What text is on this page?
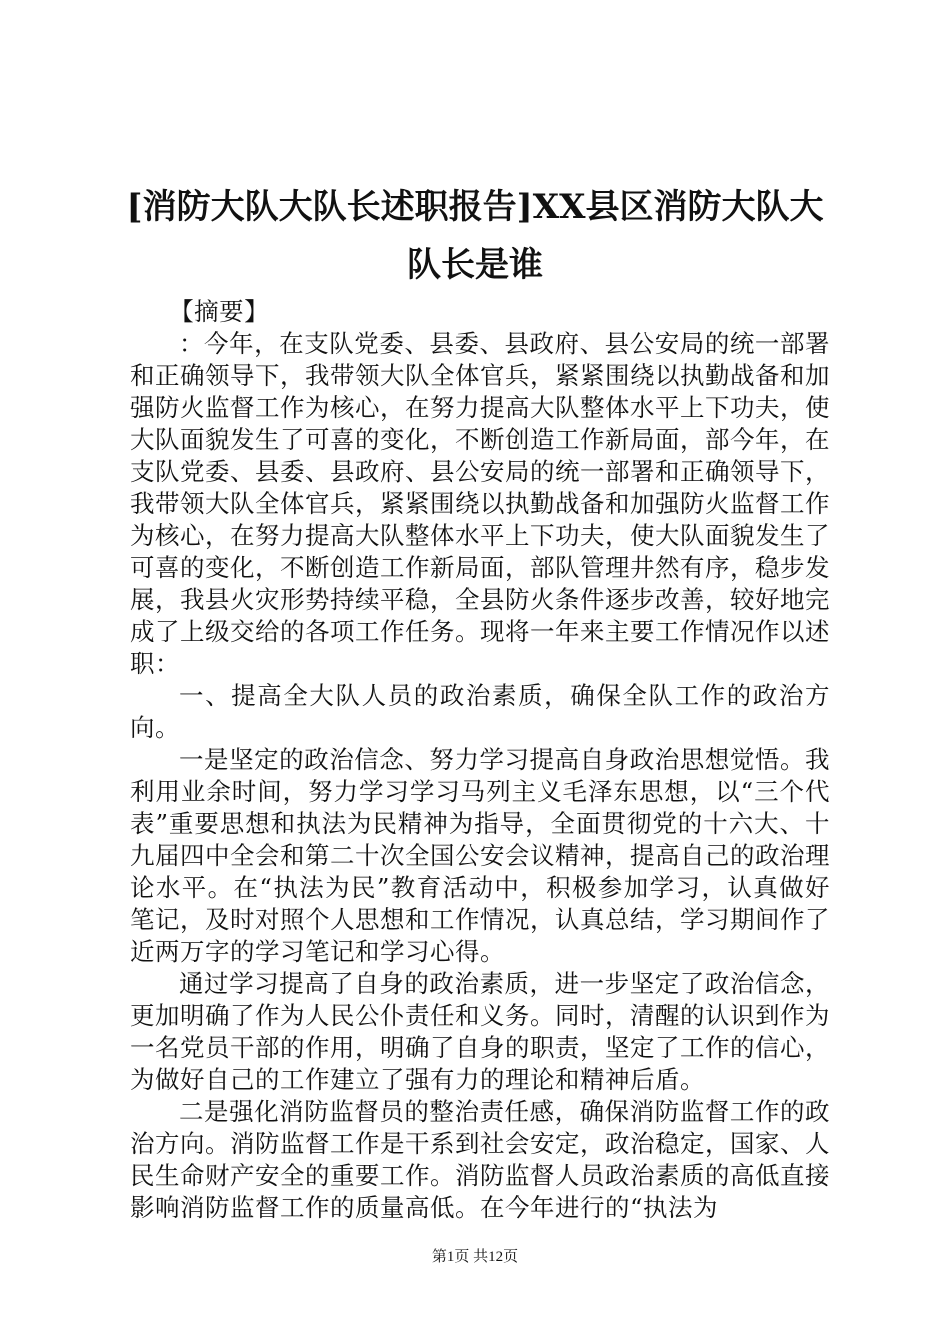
[消防大队大队长述职报告]XX县区消防大队大队长是谁

【摘要】

：今年，在支队党委、县委、县政府、县公安局的统一部署和正确领导下，我带领大队全体官兵，紧紧围绕以执勤战备和加强防火监督工作为核心，在努力提高大队整体水平上下功夫，使大队面貌发生了可喜的变化，不断创造工作新局面，部今年，在支队党委、县委、县政府、县公安局的统一部署和正确领导下，我带领大队全体官兵，紧紧围绕以执勤战备和加强防火监督工作为核心，在努力提高大队整体水平上下功夫，使大队面貌发生了可喜的变化，不断创造工作新局面，部队管理井然有序，稳步发展，我县火灾形势持续平稳，全县防火条件逐步改善，较好地完成了上级交给的各项工作任务。现将一年来主要工作情况作以述职：

一、提高全大队人员的政治素质，确保全队工作的政治方向。

一是坚定的政治信念、努力学习提高自身政治思想觉悟。我利用业余时间，努力学习学习马列主义毛泽东思想，以“三个代表”重要思想和执法为民精神为指导，全面贯彻党的十六大、十九届四中全会和第二十次全国公安会议精神，提高自己的政治理论水平。在“执法为民”教育活动中，积极参加学习，认真做好笔记，及时对照个人思想和工作情况，认真总结，学习期间作了近两万字的学习笔记和学习心得。

通过学习提高了自身的政治素质，进一步坚定了政治信念，更加明确了作为人民公仆责任和义务。同时，清醒的认识到作为一名党员干部的作用，明确了自身的职责，坚定了工作的信心，为做好自己的工作建立了强有力的理论和精神后盾。

二是强化消防监督员的整治责任感，确保消防监督工作的政治方向。消防监督工作是干系到社会安定，政治稳定，国家、人民生命财产安全的重要工作。消防监督人员政治素质的高低直接影响消防监督工作的质量高低。在今年进行的“执法为

第1页 共12页
